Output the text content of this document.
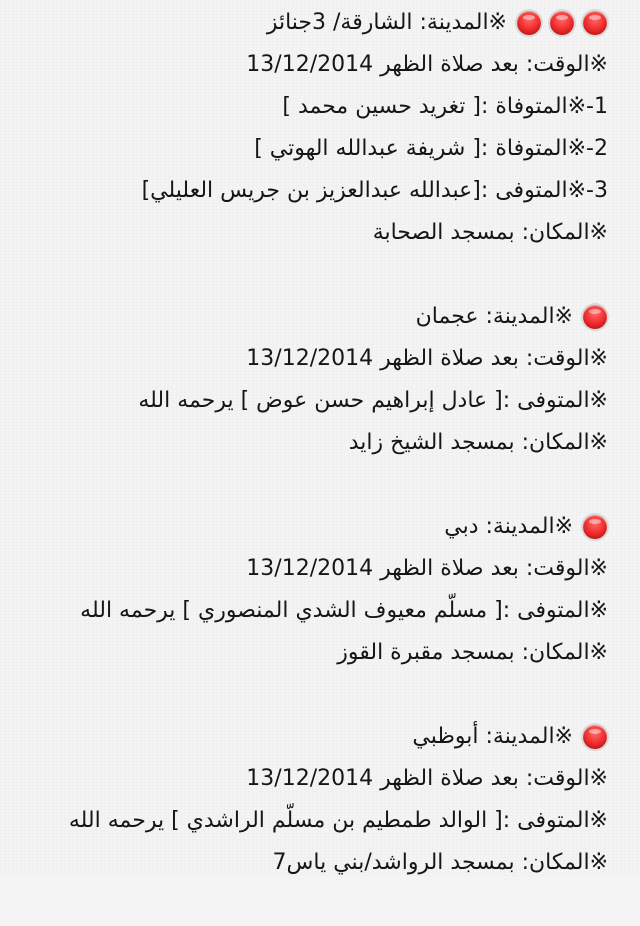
※المدينة: الشارقة/ 3جنائز
※الوقت: بعد صلاة الظهر 13/12/2014
1-※المتوفاة :[ تغريد حسين محمد ]
2-※المتوفاة :[ شريفة عبدالله الهوتي ]
3-※المتوفى :[عبدالله عبدالعزيز بن جريس العليلي]
※المكان: بمسجد الصحابة
※المدينة: عجمان
※الوقت: بعد صلاة الظهر 13/12/2014
※المتوفى :[ عادل إبراهيم حسن عوض ] يرحمه الله
※المكان: بمسجد الشيخ زايد
※المدينة: دبي
※الوقت: بعد صلاة الظهر 13/12/2014
※المتوفى :[ مسلّم معيوف الشدي المنصوري ] يرحمه الله
※المكان: بمسجد مقبرة القوز
※المدينة: أبوظبي
※الوقت: بعد صلاة الظهر 13/12/2014
※المتوفى :[ الوالد طمطيم بن مسلّم الراشدي ] يرحمه الله
※المكان: بمسجد الرواشد/بني ياس7
